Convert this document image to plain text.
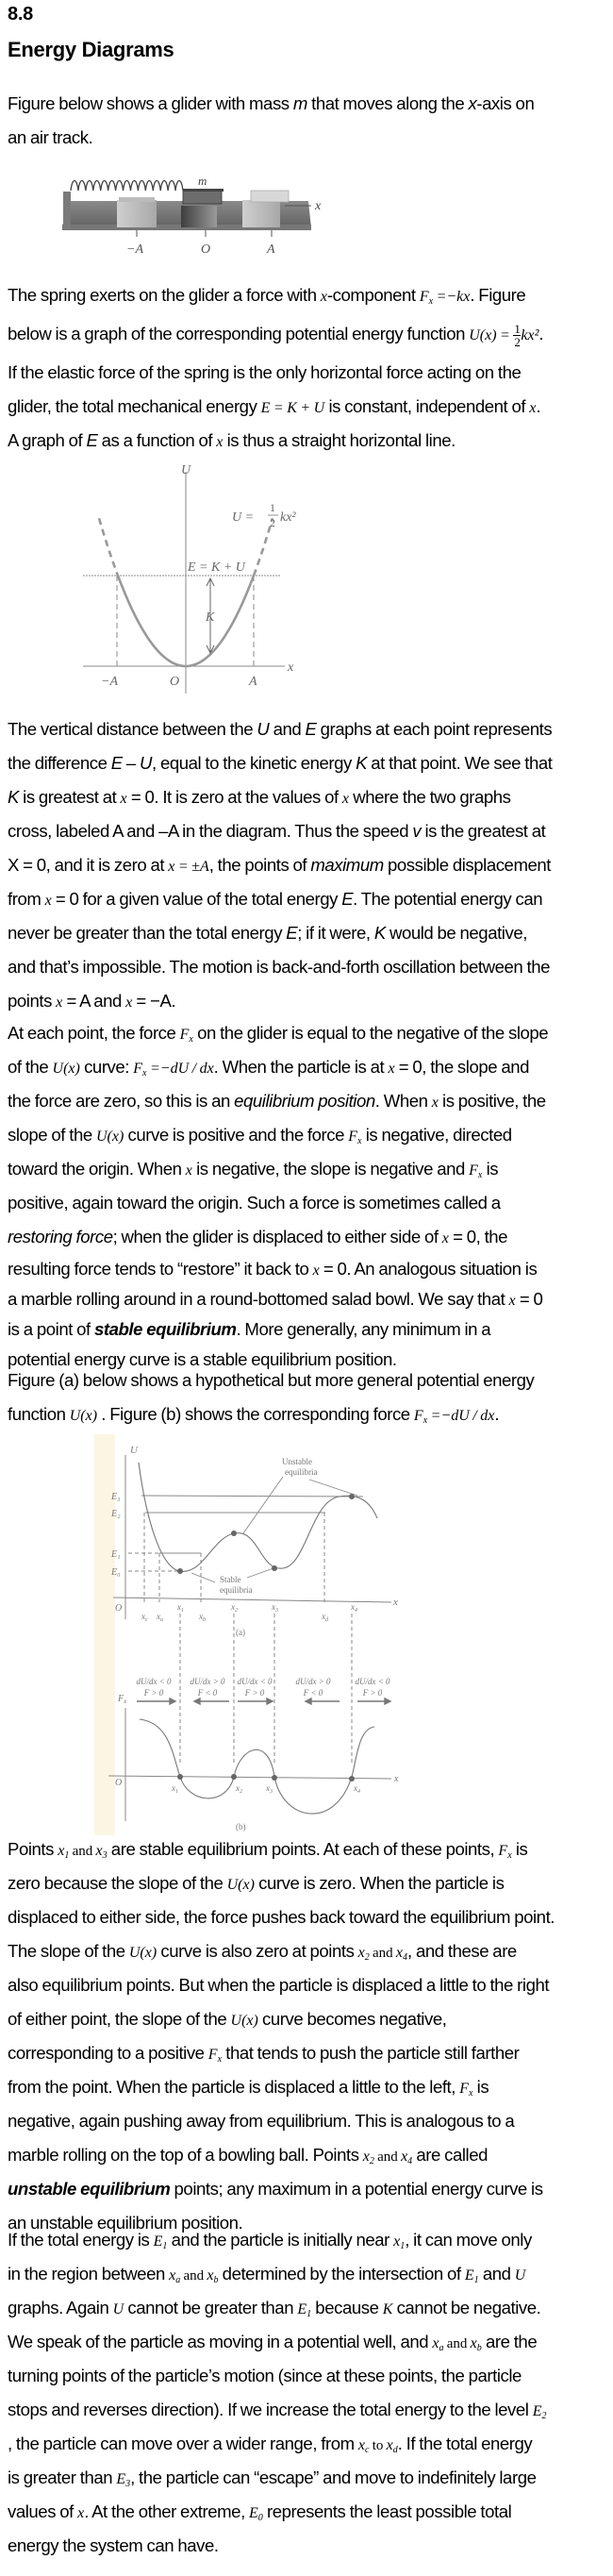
8.8
Energy Diagrams
Figure below shows a glider with mass m that moves along the x-axis on
an air track.
x
m
−A	O	A
The spring exerts on the glider a force with x-component $F_x =-kx$. Figure
below is a graph of the corresponding potential energy function $U(x) = \frac{1}{2} kx^2$.
If the elastic force of the spring is the only horizontal force acting on the
glider, the total mechanical energy E = K + U is constant, independent of x.
A graph of E as a function of x is thus a straight horizontal line.
U
x
U =
1
2 kx²
E = K + U
K
−A	O	A
The vertical distance between the U and E graphs at each point represents
the difference E – U, equal to the kinetic energy K at that point. We see that
K is greatest at x = 0. It is zero at the values of x where the two graphs
cross, labeled A and –A in the diagram. Thus the speed v is the greatest at
X = 0, and it is zero at x = ±A, the points of maximum possible displacement
from x = 0 for a given value of the total energy E. The potential energy can
never be greater than the total energy E; if it were, K would be negative,
and that’s impossible. The motion is back-and-forth oscillation between the
points x = A and x = −A.
At each point, the force $F_x$ on the glider is equal to the negative of the slope
of the U(x) curve: $F_x =-dU$ / dx. When the particle is at x = 0, the slope and
the force are zero, so this is an equilibrium position. When x is positive, the
slope of the U(x) curve is positive and the force $F_x$ is negative, directed
toward the origin. When x is negative, the slope is negative and $F_x$ is
positive, again toward the origin. Such a force is sometimes called a
restoring force; when the glider is displaced to either side of x = 0, the
resulting force tends to “restore” it back to x = 0. An analogous situation is
a marble rolling around in a round-bottomed salad bowl. We say that x = 0
is a point of stable equilibrium. More generally, any minimum in a
potential energy curve is a stable equilibrium position.
Figure (a) below shows a hypothetical but more general potential energy
function U(x) . Figure (b) shows the corresponding force $F_x =-dU$ / dx.
U
x
O
E₃
E₂
E₁
E₀
Unstable
equilibria
Stable
equilibria
$x_c$ $x_a$
$x_1$
$x_b$
$x_2$	$x_3$
$x_d$
$x_4$
(a)
dU/dx < 0
F > 0
dU/dx > 0
F < 0
dU/dx < 0
F > 0
dU/dx > 0
F < 0
dU/dx < 0
F > 0
$F_x$
x
O	$x_1$	$x_2$	$x_3$	$x_4$
(b)
Points x1 and x3 are stable equilibrium points. At each of these points, $F_x$ is
zero because the slope of the U(x) curve is zero. When the particle is
displaced to either side, the force pushes back toward the equilibrium point.
The slope of the U(x) curve is also zero at points x2 and x4, and these are
also equilibrium points. But when the particle is displaced a little to the right
of either point, the slope of the U(x) curve becomes negative,
corresponding to a positive $F_x$ that tends to push the particle still farther
from the point. When the particle is displaced a little to the left, $F_x$ is
negative, again pushing away from equilibrium. This is analogous to a
marble rolling on the top of a bowling ball. Points x2 and x4 are called
unstable equilibrium points; any maximum in a potential energy curve is
an unstable equilibrium position.
If the total energy is E1 and the particle is initially near x1, it can move only
in the region between $x_a$ and $x_b$ determined by the intersection of E1 and U
graphs. Again U cannot be greater than E1 because K cannot be negative.
We speak of the particle as moving in a potential well, and $x_a$ and $x_b$ are the
turning points of the particle’s motion (since at these points, the particle
stops and reverses direction). If we increase the total energy to the level E2
, the particle can move over a wider range, from $x_c$ to $x_d$. If the total energy
is greater than E3, the particle can “escape” and move to indefinitely large
values of x. At the other extreme, E0 represents the least possible total
energy the system can have.
